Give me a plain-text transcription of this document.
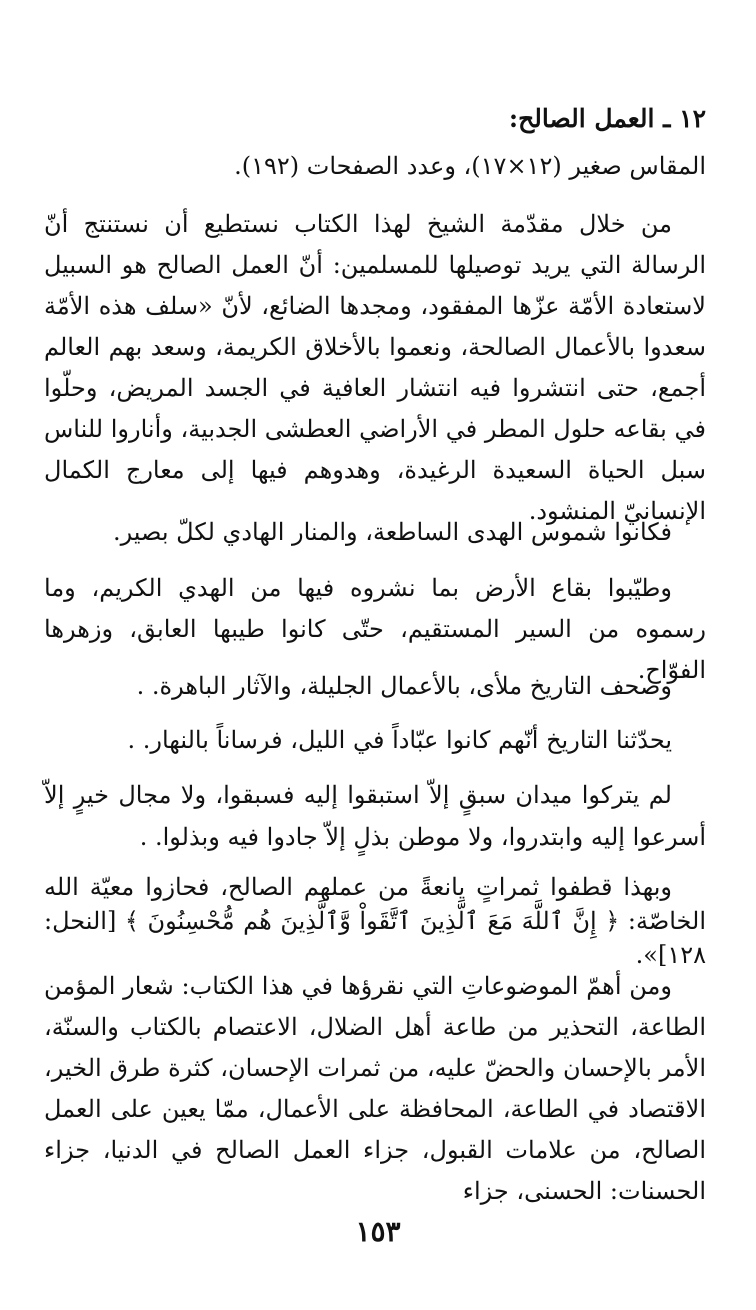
١٢ ـ العمل الصالح:
المقاس صغير (١٢×١٧)، وعدد الصفحات (١٩٢).
من خلال مقدّمة الشيخ لهذا الكتاب نستطيع أن نستنتج أنّ الرسالة التي يريد توصيلها للمسلمين: أنّ العمل الصالح هو السبيل لاستعادة الأمّة عزّها المفقود، ومجدها الضائع، لأنّ «سلف هذه الأمّة سعدوا بالأعمال الصالحة، ونعموا بالأخلاق الكريمة، وسعد بهم العالم أجمع، حتى انتشروا فيه انتشار العافية في الجسد المريض، وحلّوا في بقاعه حلول المطر في الأراضي العطشى الجدبية، وأناروا للناس سبل الحياة السعيدة الرغيدة، وهدوهم فيها إلى معارج الكمال الإنسانيّ المنشود.
فكانوا شموس الهدى الساطعة، والمنار الهادي لكلّ بصير.
وطيّبوا بقاع الأرض بما نشروه فيها من الهدي الكريم، وما رسموه من السير المستقيم، حتّى كانوا طيبها العابق، وزهرها الفوّاح.
وصحف التاريخ ملأى، بالأعمال الجليلة، والآثار الباهرة. .
يحدّثنا التاريخ أنّهم كانوا عبّاداً في الليل، فرساناً بالنهار. .
لم يتركوا ميدان سبقٍ إلاّ استبقوا إليه فسبقوا، ولا مجال خيرٍ إلاّ أسرعوا إليه وابتدروا، ولا موطن بذلٍ إلاّ جادوا فيه وبذلوا. .
وبهذا قطفوا ثمراتٍ يانعةً من عملهم الصالح، فحازوا معيّة الله الخاصّة: ﴿ إِنَّ ٱللَّهَ مَعَ ٱلَّذِينَ ٱتَّقَواْ وَّٱلَّذِينَ هُم مُّحْسِنُونَ ﴾ [النحل: ١٢٨]».
ومن أهمّ الموضوعاتِ التي نقرؤها في هذا الكتاب: شعار المؤمن الطاعة، التحذير من طاعة أهل الضلال، الاعتصام بالكتاب والسنّة، الأمر بالإحسان والحضّ عليه، من ثمرات الإحسان، كثرة طرق الخير، الاقتصاد في الطاعة، المحافظة على الأعمال، ممّا يعين على العمل الصالح، من علامات القبول، جزاء العمل الصالح في الدنيا، جزاء الحسنات: الحسنى، جزاء
١٥٣
